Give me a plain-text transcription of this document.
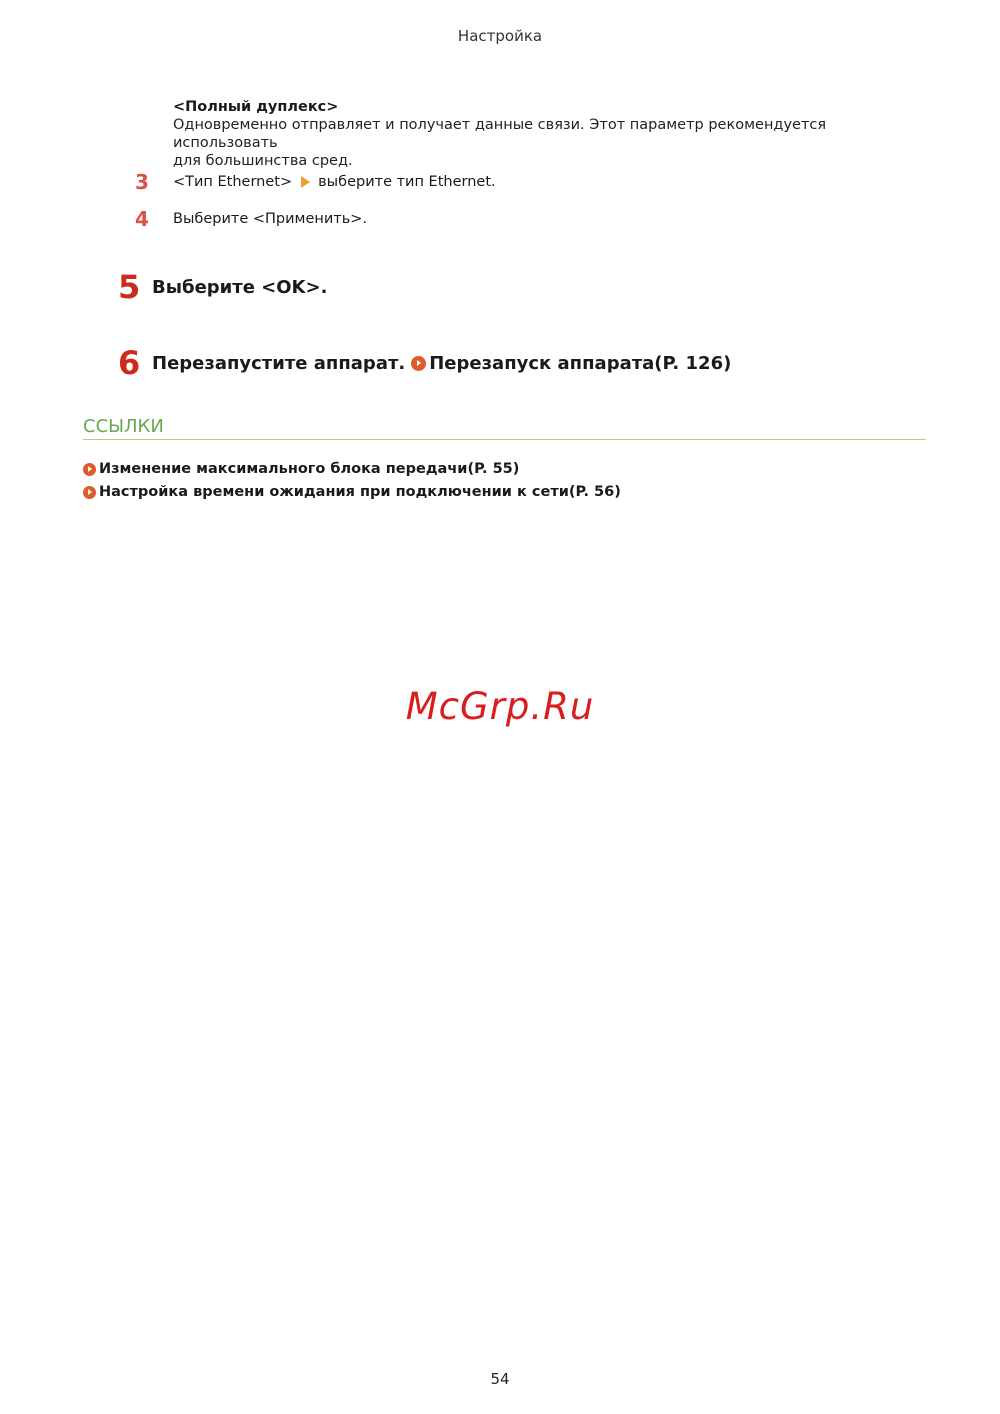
Настройка
<Полный дуплекс>
Одновременно отправляет и получает данные связи. Этот параметр рекомендуется использовать
для большинства сред.
3	<Тип Ethernet> выберите тип Ethernet.
4	Выберите <Применить>.
5 Выберите <OK>.
6 Перезапустите аппарат. Перезапуск аппарата(P. 126)
ССЫЛКИ
Изменение максимального блока передачи(P. 55)
Настройка времени ожидания при подключении к сети(P. 56)
McGrp.Ru
54
